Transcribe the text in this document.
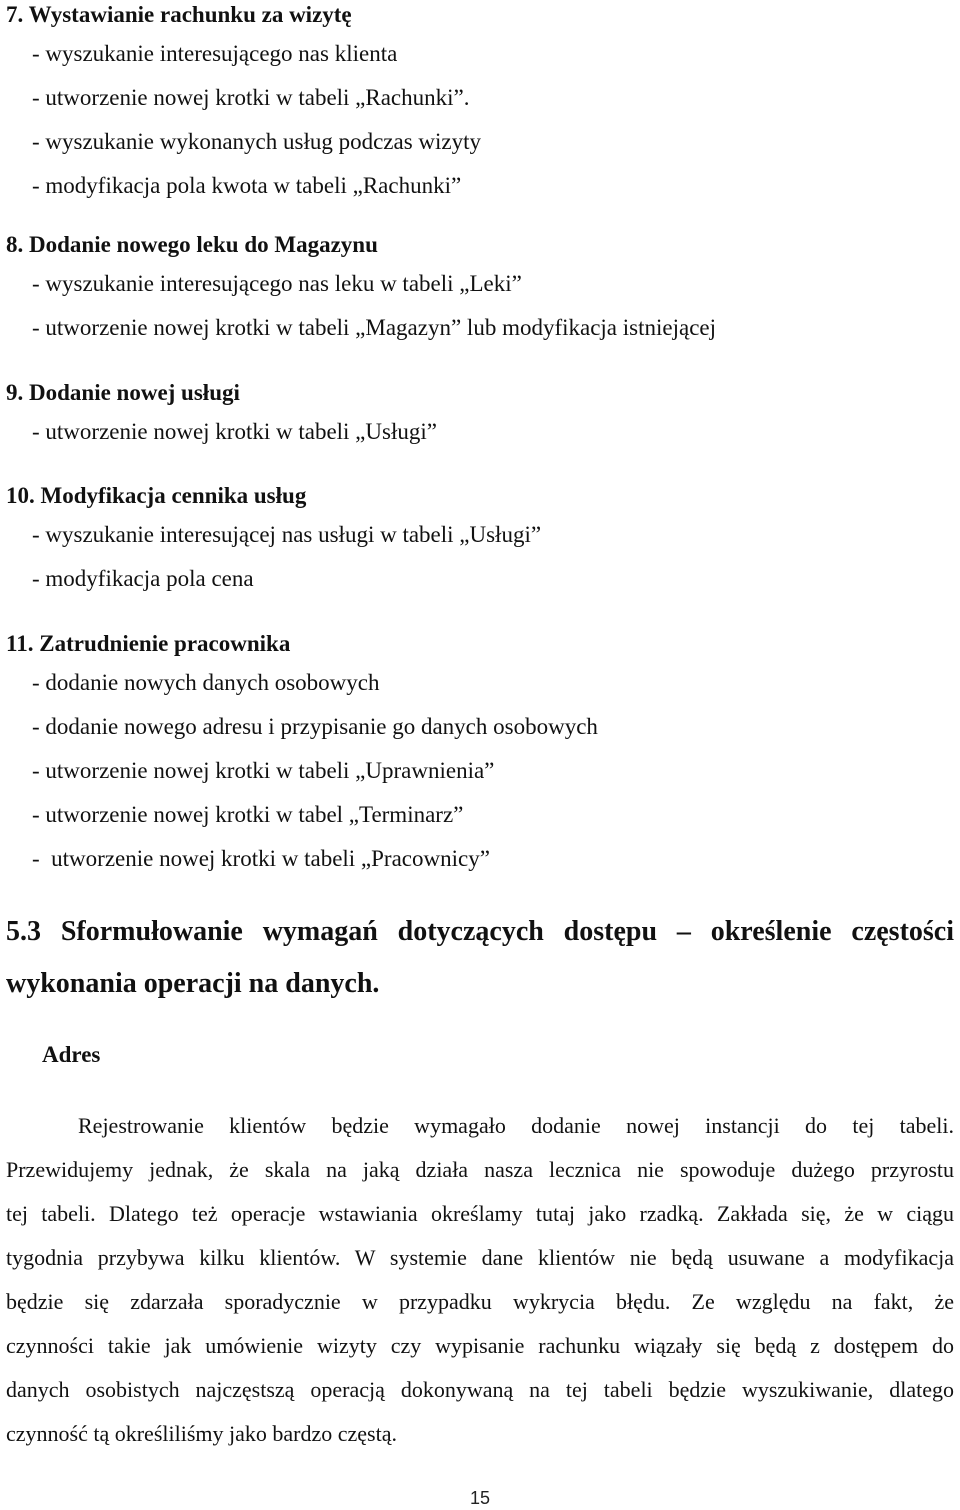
7. Wystawianie rachunku za wizytę
- wyszukanie interesującego nas klienta
- utworzenie nowej krotki w tabeli „Rachunki”.
- wyszukanie wykonanych usług podczas wizyty
- modyfikacja pola kwota w tabeli „Rachunki”
8. Dodanie nowego leku do Magazynu
- wyszukanie interesującego nas leku w tabeli „Leki”
- utworzenie nowej krotki w tabeli „Magazyn” lub modyfikacja istniejącej
9. Dodanie nowej usługi
- utworzenie nowej krotki w tabeli „Usługi”
10. Modyfikacja cennika usług
- wyszukanie interesującej nas usługi w tabeli „Usługi”
- modyfikacja pola cena
11. Zatrudnienie pracownika
- dodanie nowych danych osobowych
- dodanie nowego adresu i przypisanie go danych osobowych
- utworzenie nowej krotki w tabeli „Uprawnienia”
- utworzenie nowej krotki w tabel „Terminarz”
-  utworzenie nowej krotki w tabeli „Pracownicy”
5.3 Sformułowanie wymagań dotyczących dostępu – określenie częstości
wykonania operacji na danych.
Adres
Rejestrowanie klientów będzie wymagało dodanie nowej instancji do tej tabeli.
Przewidujemy jednak, że skala na jaką działa nasza lecznica nie spowoduje dużego przyrostu
tej tabeli. Dlatego też operacje wstawiania określamy tutaj jako rzadką. Zakłada się, że w ciągu
tygodnia przybywa kilku klientów. W systemie dane klientów nie będą usuwane a modyfikacja
będzie się zdarzała sporadycznie w przypadku wykrycia błędu. Ze względu na fakt, że
czynności takie jak umówienie wizyty czy wypisanie rachunku wiązały się będą z dostępem do
danych osobistych najczęstszą operacją dokonywaną na tej tabeli będzie wyszukiwanie, dlatego
czynność tą określiliśmy jako bardzo częstą.
15
